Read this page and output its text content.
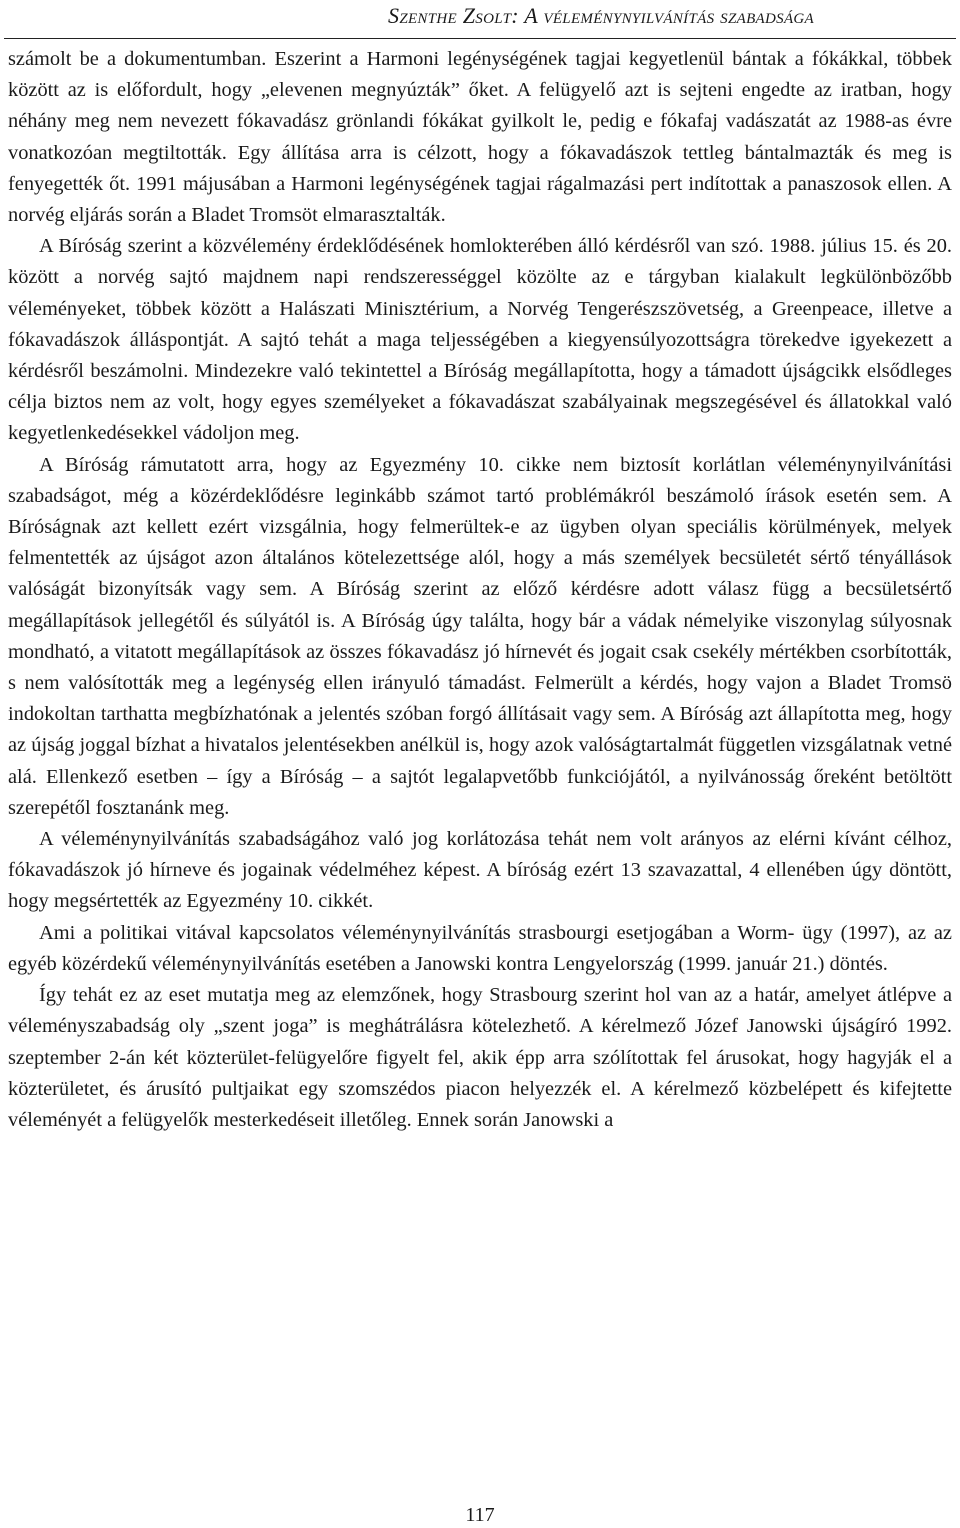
Szenthe Zsolt: A véleménynyilvánítás szabadsága

számolt be a dokumentumban. Eszerint a Harmoni legénységének tagjai kegyetlenül bántak a fókákkal, többek között az is előfordult, hogy „elevenen megnyúzták” őket. A felügyelő azt is sejteni engedte az iratban, hogy néhány meg nem nevezett fókavadász grönlandi fókákat gyilkolt le, pedig e fókafaj vadászatát az 1988-as évre vonatkozóan megtiltották. Egy állítása arra is célzott, hogy a fókavadászok tettleg bántalmazták és meg is fenyegették őt. 1991 májusában a Harmoni legénységének tagjai rágalmazási pert indítottak a panaszosok ellen. A norvég eljárás során a Bladet Tromsöt elmarasztalták.

A Bíróság szerint a közvélemény érdeklődésének homlokterében álló kérdésről van szó. 1988. július 15. és 20. között a norvég sajtó majdnem napi rendszerességgel közölte az e tárgyban kialakult legkülönbözőbb véleményeket, többek között a Halászati Minisztérium, a Norvég Tengerészszövetség, a Greenpeace, illetve a fókavadászok álláspontját. A sajtó tehát a maga teljességében a kiegyensúlyozottságra törekedve igyekezett a kérdésről beszámolni. Mindezekre való tekintettel a Bíróság megállapította, hogy a támadott újságcikk elsődleges célja biztos nem az volt, hogy egyes személyeket a fókavadászat szabályainak megszegésével és állatokkal való kegyetlenkedésekkel vádoljon meg.

A Bíróság rámutatott arra, hogy az Egyezmény 10. cikke nem biztosít korlátlan véleménynyilvánítási szabadságot, még a közérdeklődésre leginkább számot tartó problémákról beszámoló írások esetén sem. A Bíróságnak azt kellett ezért vizsgálnia, hogy felmerültek-e az ügyben olyan speciális körülmények, melyek felmentették az újságot azon általános kötelezettsége alól, hogy a más személyek becsületét sértő tényállások valóságát bizonyítsák vagy sem. A Bíróság szerint az előző kérdésre adott válasz függ a becsületsértő megállapítások jellegétől és súlyától is. A Bíróság úgy találta, hogy bár a vádak némelyike viszonylag súlyosnak mondható, a vitatott megállapítások az összes fókavadász jó hírnevét és jogait csak csekély mértékben csorbították, s nem valósították meg a legénység ellen irányuló támadást. Felmerült a kérdés, hogy vajon a Bladet Tromsö indokoltan tarthatta megbízhatónak a jelentés szóban forgó állításait vagy sem. A Bíróság azt állapította meg, hogy az újság joggal bízhat a hivatalos jelentésekben anélkül is, hogy azok valóságtartalmát független vizsgálatnak vetné alá. Ellenkező esetben – így a Bíróság – a sajtót legalapvetőbb funkciójától, a nyilvánosság őreként betöltött szerepétől fosztanánk meg.

A véleménynyilvánítás szabadságához való jog korlátozása tehát nem volt arányos az elérni kívánt célhoz, fókavadászok jó hírneve és jogainak védelméhez képest. A bíróság ezért 13 szavazattal, 4 ellenében úgy döntött, hogy megsértették az Egyezmény 10. cikkét.

Ami a politikai vitával kapcsolatos véleménynyilvánítás strasbourgi esetjogában a Worm- ügy (1997), az az egyéb közérdekű véleménynyilvánítás esetében a Janowski kontra Lengyelország (1999. január 21.) döntés.

Így tehát ez az eset mutatja meg az elemzőnek, hogy Strasbourg szerint hol van az a határ, amelyet átlépve a véleményszabadság oly „szent joga” is meghátrálásra kötelezhető. A kérelmező Józef Janowski újságíró 1992. szeptember 2-án két közterület-felügyelőre figyelt fel, akik épp arra szólítottak fel árusokat, hogy hagyják el a közterületet, és árusító pultjaikat egy szomszédos piacon helyezzék el. A kérelmező közbelépett és kifejtette véleményét a felügyelők mesterkedéseit illetőleg. Ennek során Janowski a

117
